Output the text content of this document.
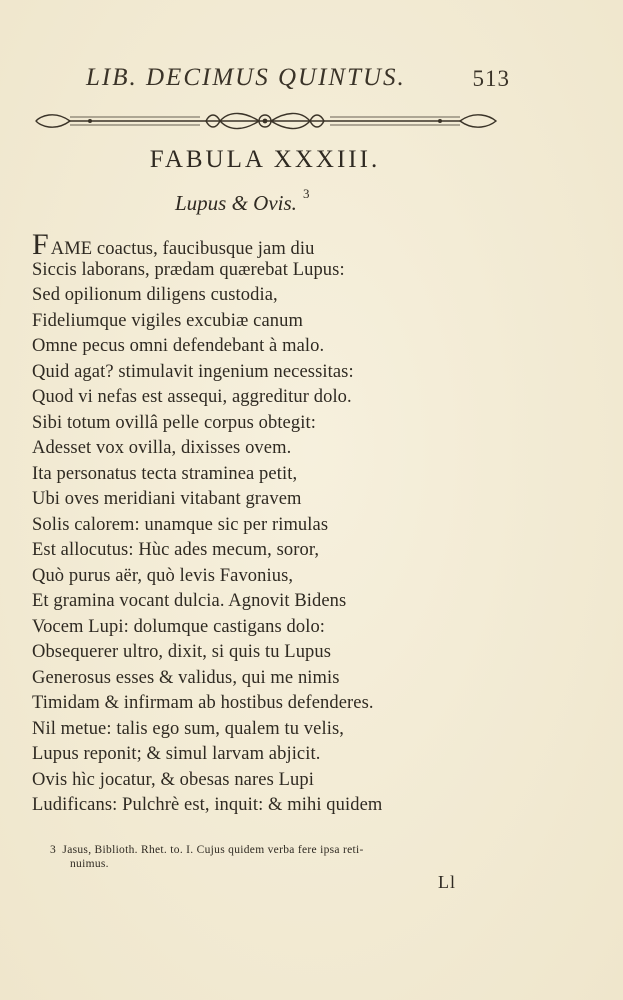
LIB. DECIMUS QUINTUS.	513
FABULA XXXIII.
Lupus & Ovis. $^3$
FAME coactus, faucibusque jam diu
Siccis laborans, prædam quærebat Lupus:
Sed opilionum diligens custodia,
Fideliumque vigiles excubiæ canum
Omne pecus omni defendebant à malo.
Quid agat? stimulavit ingenium necessitas:
Quod vi nefas est assequi, aggreditur dolo.
Sibi totum ovillâ pelle corpus obtegit:
Adesset vox ovilla, dixisses ovem.
Ita personatus tecta straminea petit,
Ubi oves meridiani vitabant gravem
Solis calorem: unamque sic per rimulas
Est allocutus: Hùc ades mecum, soror,
Quò purus aër, quò levis Favonius,
Et gramina vocant dulcia. Agnovit Bidens
Vocem Lupi: dolumque castigans dolo:
Obsequerer ultro, dixit, si quis tu Lupus
Generosus esses & validus, qui me nimis
Timidam & infirmam ab hostibus defenderes.
Nil metue: talis ego sum, qualem tu velis,
Lupus reponit; & simul larvam abjicit.
Ovis hìc jocatur, & obesas nares Lupi
Ludificans: Pulchrè est, inquit: & mihi quidem
3 Jasus, Biblioth. Rhet. to. I. Cujus quidem verba fere ipsa reti-
nuimus.
Ll
